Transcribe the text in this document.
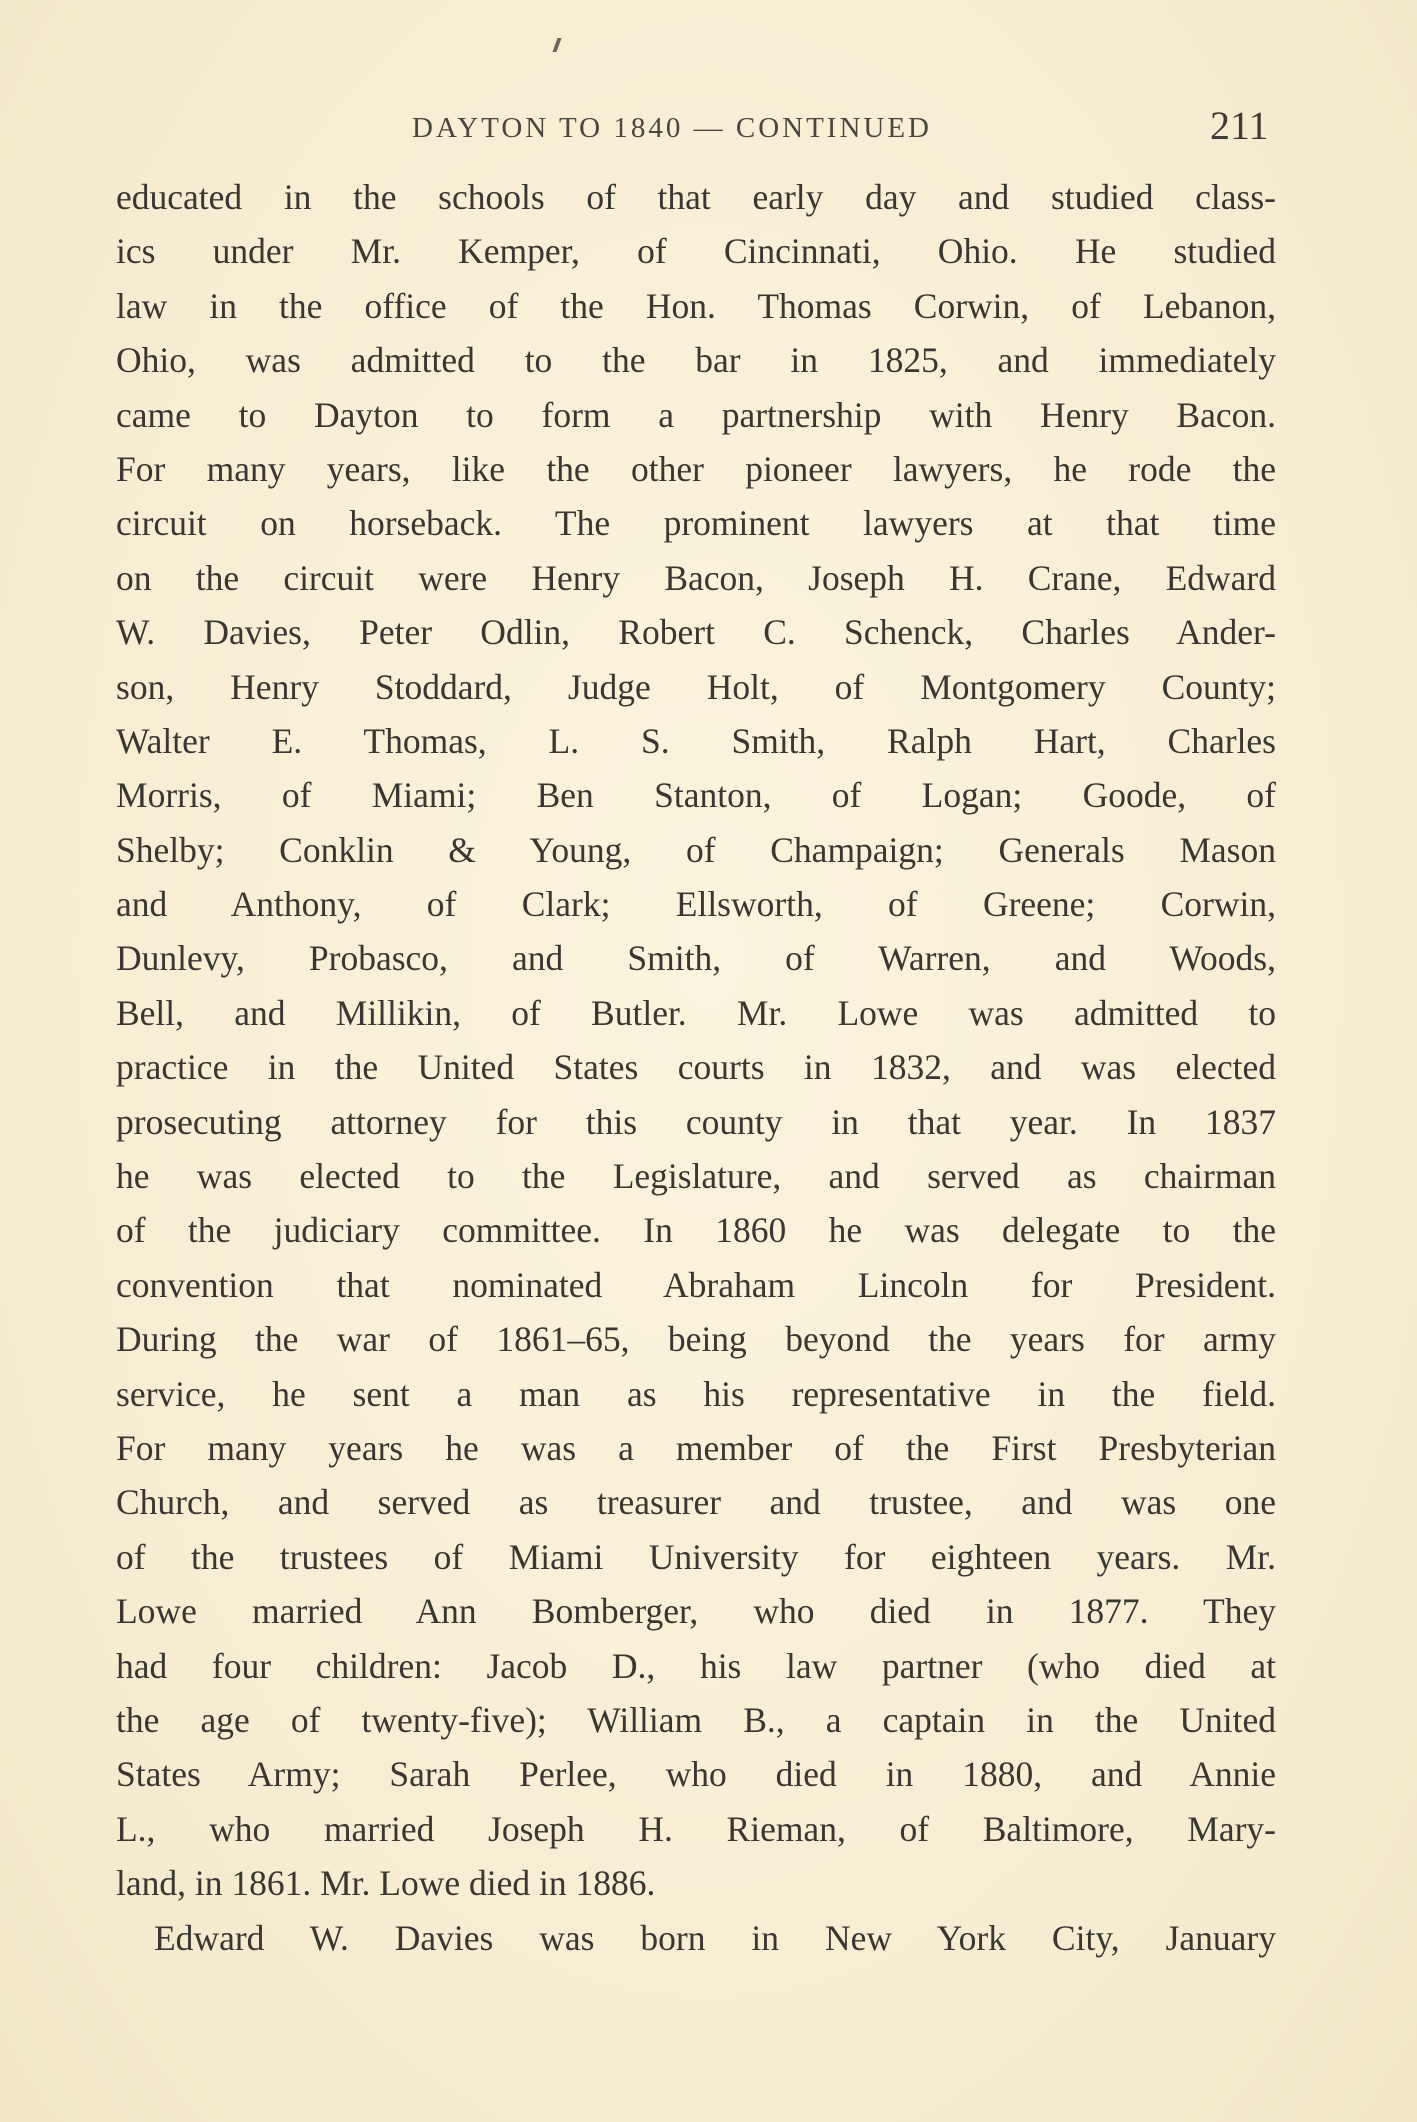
DAYTON TO 1840 — CONTINUED	211
educated in the schools of that early day and studied class-
ics under Mr. Kemper, of Cincinnati, Ohio. He studied
law in the office of the Hon. Thomas Corwin, of Lebanon,
Ohio, was admitted to the bar in 1825, and immediately
came to Dayton to form a partnership with Henry Bacon.
For many years, like the other pioneer lawyers, he rode the
circuit on horseback. The prominent lawyers at that time
on the circuit were Henry Bacon, Joseph H. Crane, Edward
W. Davies, Peter Odlin, Robert C. Schenck, Charles Ander-
son, Henry Stoddard, Judge Holt, of Montgomery County;
Walter E. Thomas, L. S. Smith, Ralph Hart, Charles
Morris, of Miami; Ben Stanton, of Logan; Goode, of
Shelby; Conklin & Young, of Champaign; Generals Mason
and Anthony, of Clark; Ellsworth, of Greene; Corwin,
Dunlevy, Probasco, and Smith, of Warren, and Woods,
Bell, and Millikin, of Butler. Mr. Lowe was admitted to
practice in the United States courts in 1832, and was elected
prosecuting attorney for this county in that year. In 1837
he was elected to the Legislature, and served as chairman
of the judiciary committee. In 1860 he was delegate to the
convention that nominated Abraham Lincoln for President.
During the war of 1861–65, being beyond the years for army
service, he sent a man as his representative in the field.
For many years he was a member of the First Presbyterian
Church, and served as treasurer and trustee, and was one
of the trustees of Miami University for eighteen years. Mr.
Lowe married Ann Bomberger, who died in 1877. They
had four children: Jacob D., his law partner (who died at
the age of twenty-five); William B., a captain in the United
States Army; Sarah Perlee, who died in 1880, and Annie
L., who married Joseph H. Rieman, of Baltimore, Mary-
land, in 1861. Mr. Lowe died in 1886.
Edward W. Davies was born in New York City, January
